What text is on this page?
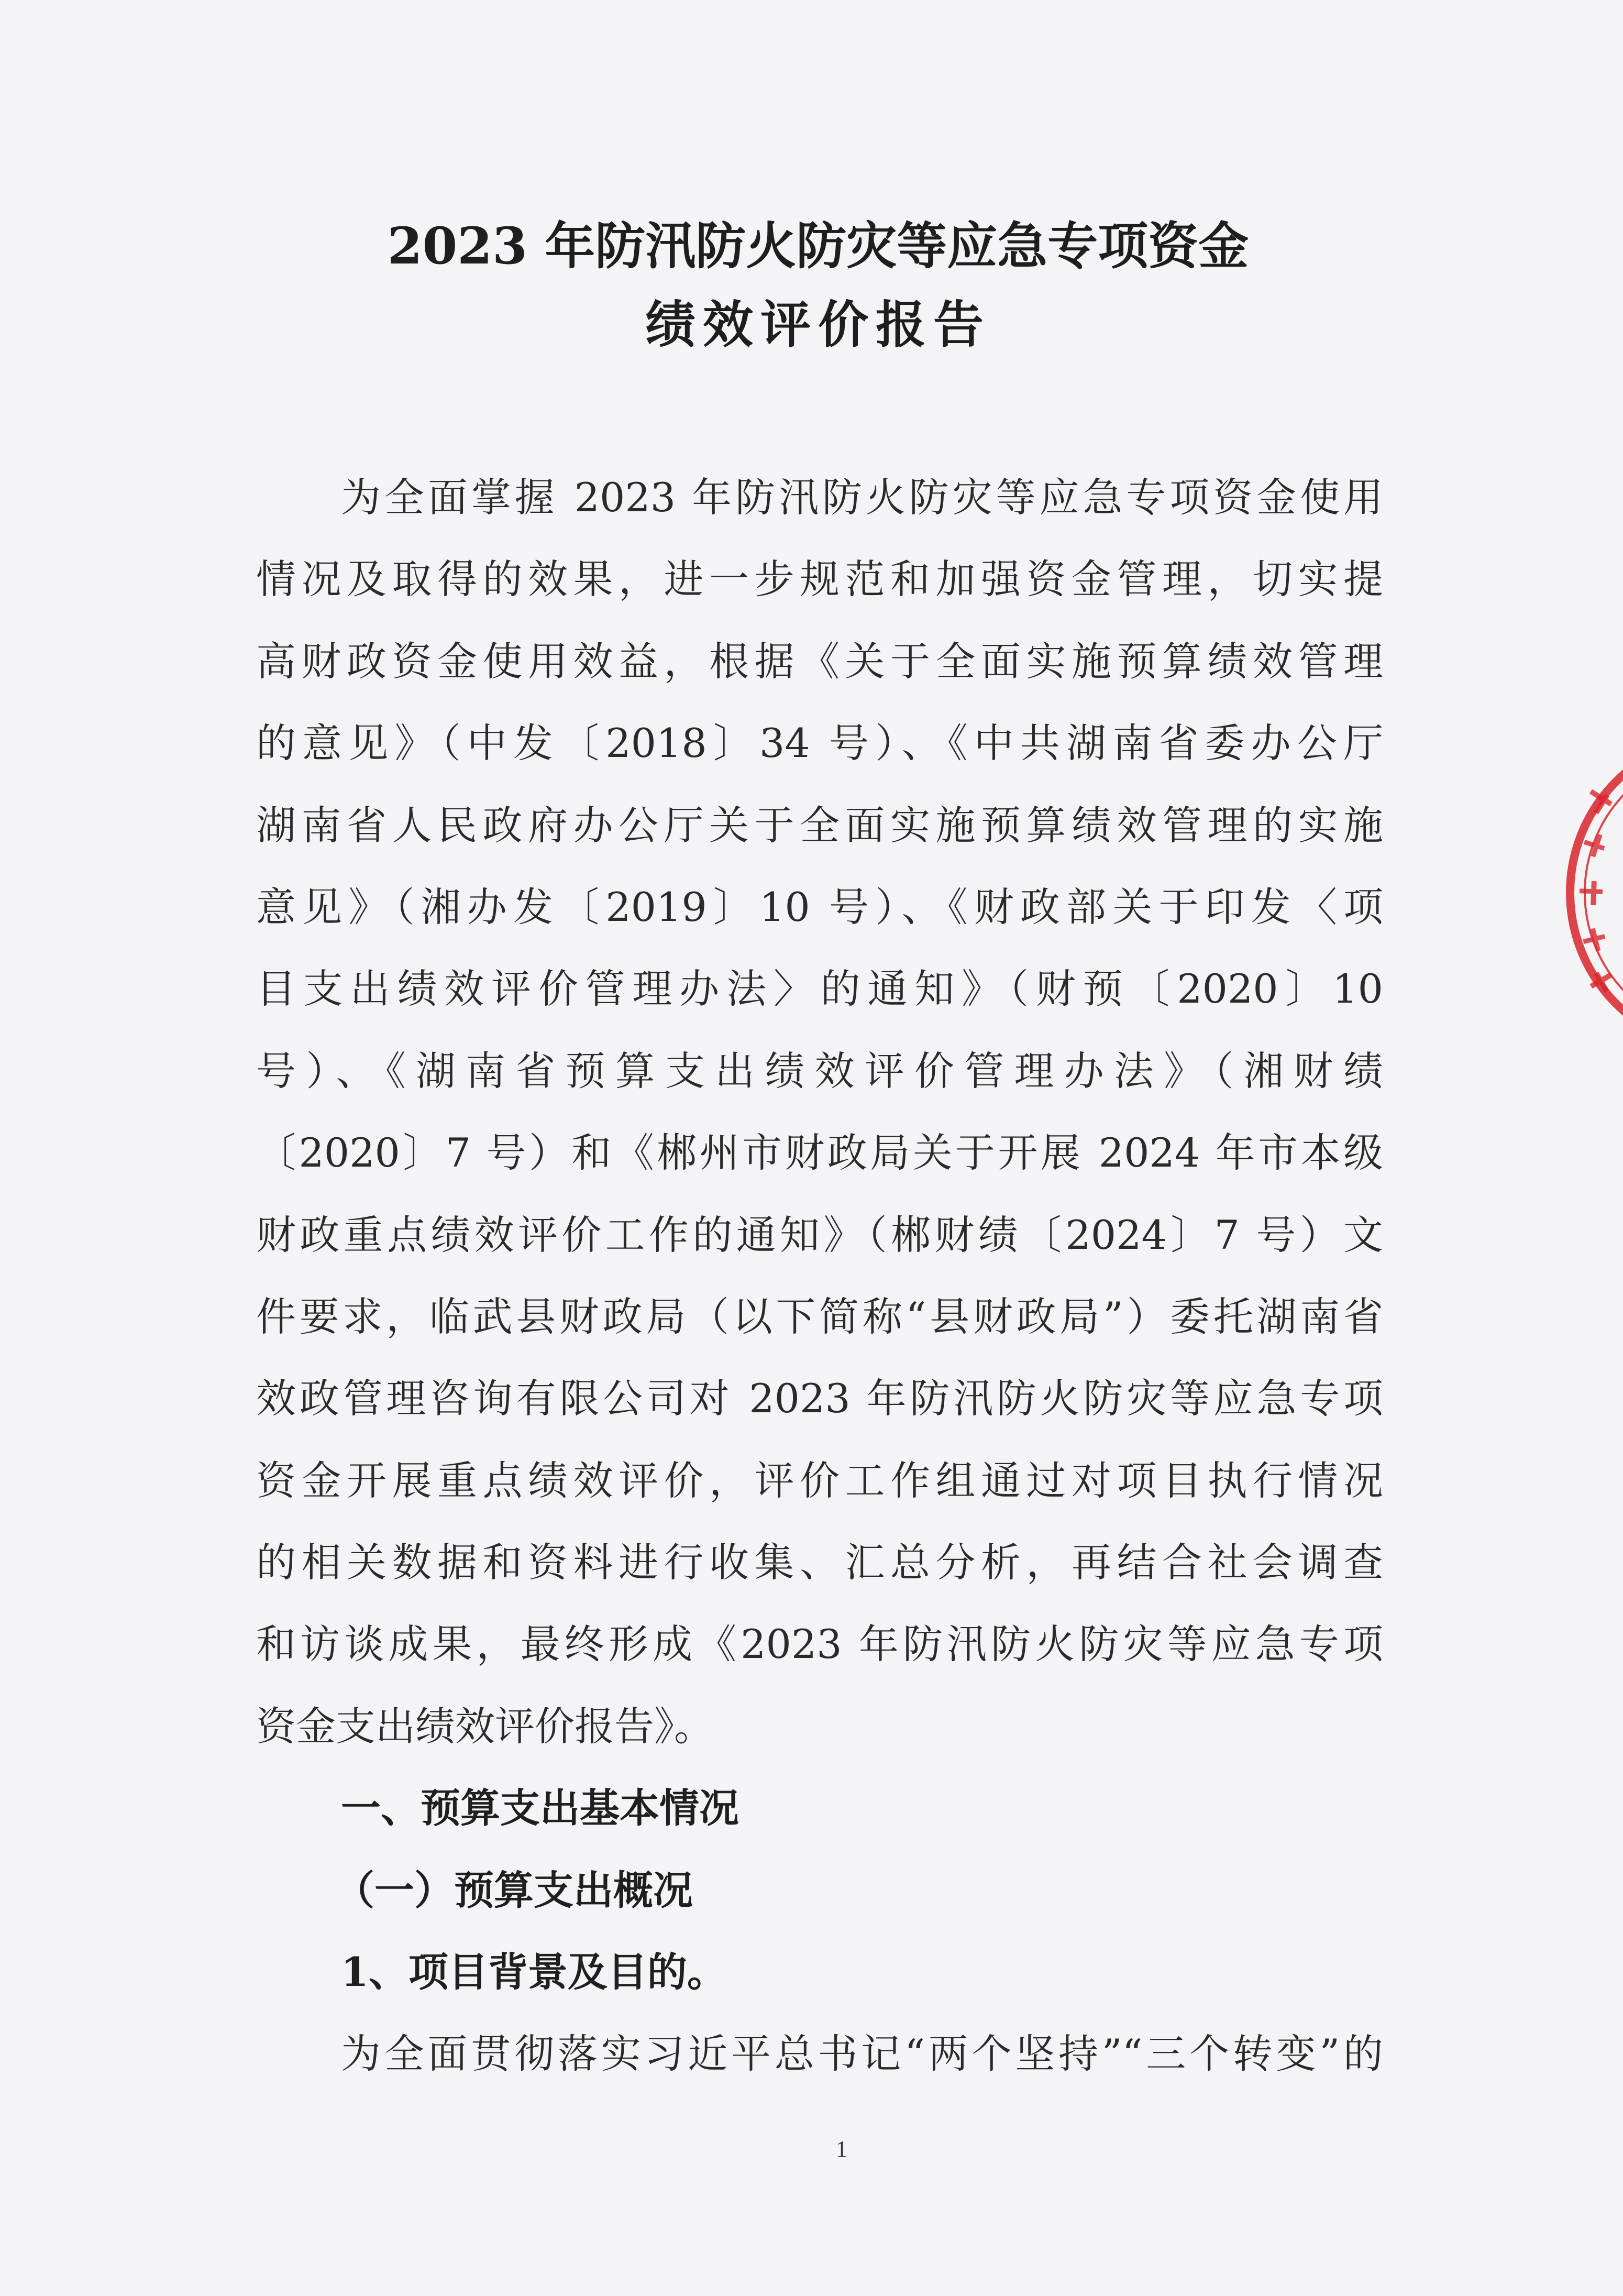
2023 年防汛防火防灾等应急专项资金
绩效评价报告
为全面掌握 2023 年防汛防火防灾等应急专项资金使用
情况及取得的效果，进一步规范和加强资金管理，切实提
高财政资金使用效益，根据《关于全面实施预算绩效管理
的意见》（中发〔2018〕34 号）、《中共湖南省委办公厅
湖南省人民政府办公厅关于全面实施预算绩效管理的实施
意见》（湘办发〔2019〕10 号）、《财政部关于印发〈项
目支出绩效评价管理办法〉的通知》（财预〔2020〕10
号）、《湖南省预算支出绩效评价管理办法》（湘财绩
〔2020〕7 号）和《郴州市财政局关于开展 2024 年市本级
财政重点绩效评价工作的通知》（郴财绩〔2024〕7 号）文
件要求，临武县财政局（以下简称“县财政局”）委托湖南省
效政管理咨询有限公司对 2023 年防汛防火防灾等应急专项
资金开展重点绩效评价，评价工作组通过对项目执行情况
的相关数据和资料进行收集、汇总分析，再结合社会调查
和访谈成果，最终形成《2023 年防汛防火防灾等应急专项
资金支出绩效评价报告》。
一、预算支出基本情况
（一）预算支出概况
1、项目背景及目的。
为全面贯彻落实习近平总书记“两个坚持”“三个转变”的
1
